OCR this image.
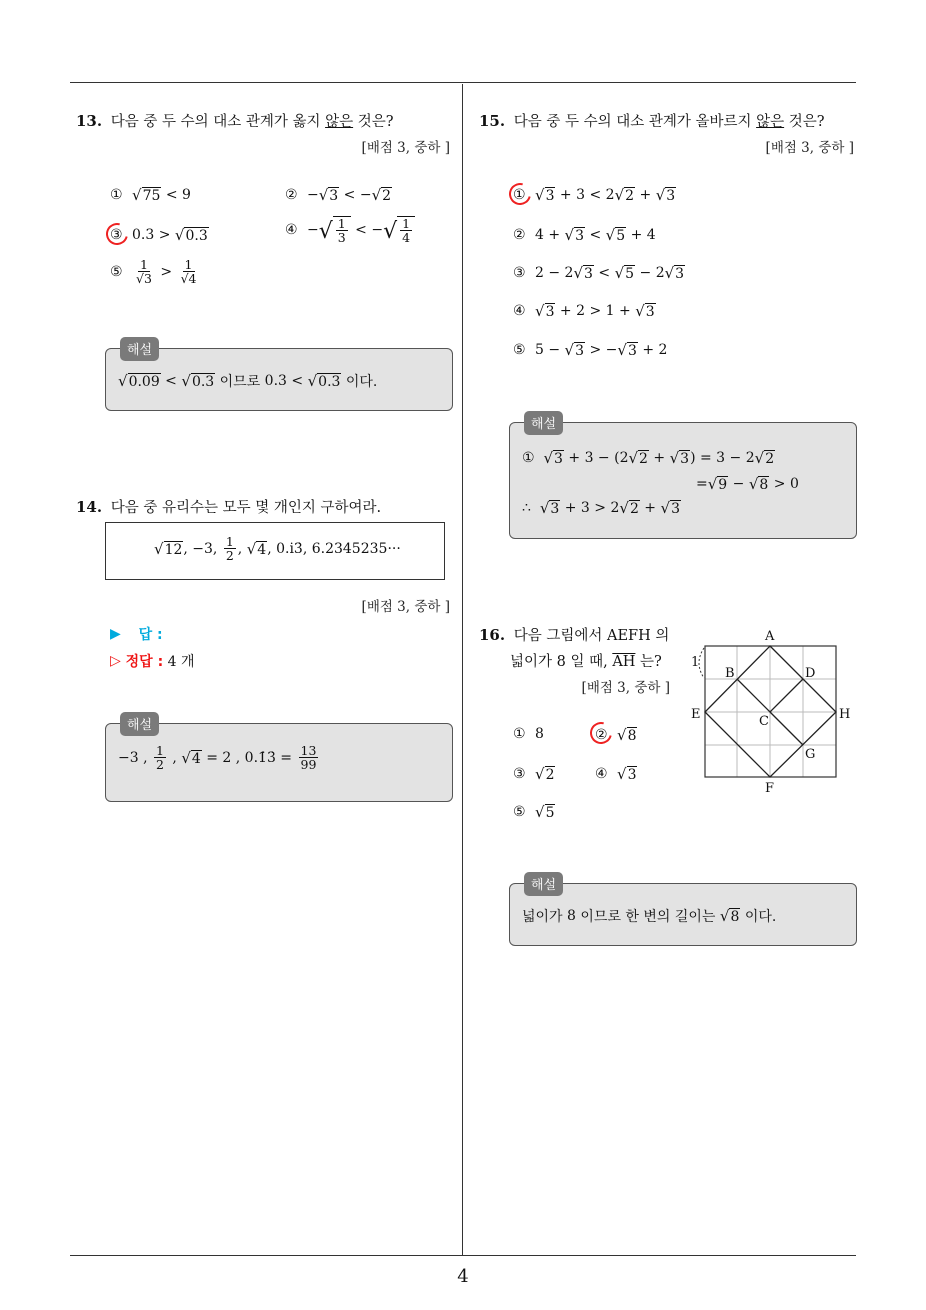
13. 다음 중 두 수의 대소 관계가 옳지 않은 것은?
[배점 3, 중하 ]
① √ 75 < 9	② − √ 3 < − √ 2
③ 0.3 > √ 0.3	④ − √ $\frac{1}{3}$ < − √ $\frac{1}{4}$
⑤ $\frac{1}{√3} > \frac{1}{√4}$
해설
√ 0.09 < √ 0.3
이므로 0.3 < √ 0.3
이다.
14. 다음 중 유리수는 모두 몇 개인지 구하여라.
√ 12 , −3, $\frac{1}{2}$ , √ 4 , 0.i3̇, 6.2345235···
[배점 3, 중하 ]
▶ 답 :
▷ 정답 :
4 개
해설
−3 , $\frac{1}{2}$ , √ 4 = 2 , 0.1̇3̇ = $\frac{13}{99}$
15. 다음 중 두 수의 대소 관계가 올바르지 않은 것은?
[배점 3, 중하 ]
① √ 3 + 3 < 2 √ 2 + √ 3
② 4 + √ 3 < √ 5 + 4
③ 2 − 2 √ 3 < √ 5 − 2 √ 3
④ √ 3 + 2 > 1 + √ 3
⑤ 5 − √ 3 > − √ 3 + 2
해설
① √ 3 + 3 − (2 √ 2 + √ 3 ) = 3 − 2 √ 2
= √ 9 − √ 8 > 0
∴ √ 3 + 3 > 2 √ 2 + √ 3
16. 다음 그림에서 AEFH 의
넓이가 8 일 때, $\overline{AH}$ 는?
[배점 3, 중하 ]
① 8	② √ 8
③ √ 2	④ √ 3
⑤ √ 5
A
B	D
C
E	H
G
F
1
해설
넓이가 8 이므로 한 변의 길이는
√ 8
이다.
4
